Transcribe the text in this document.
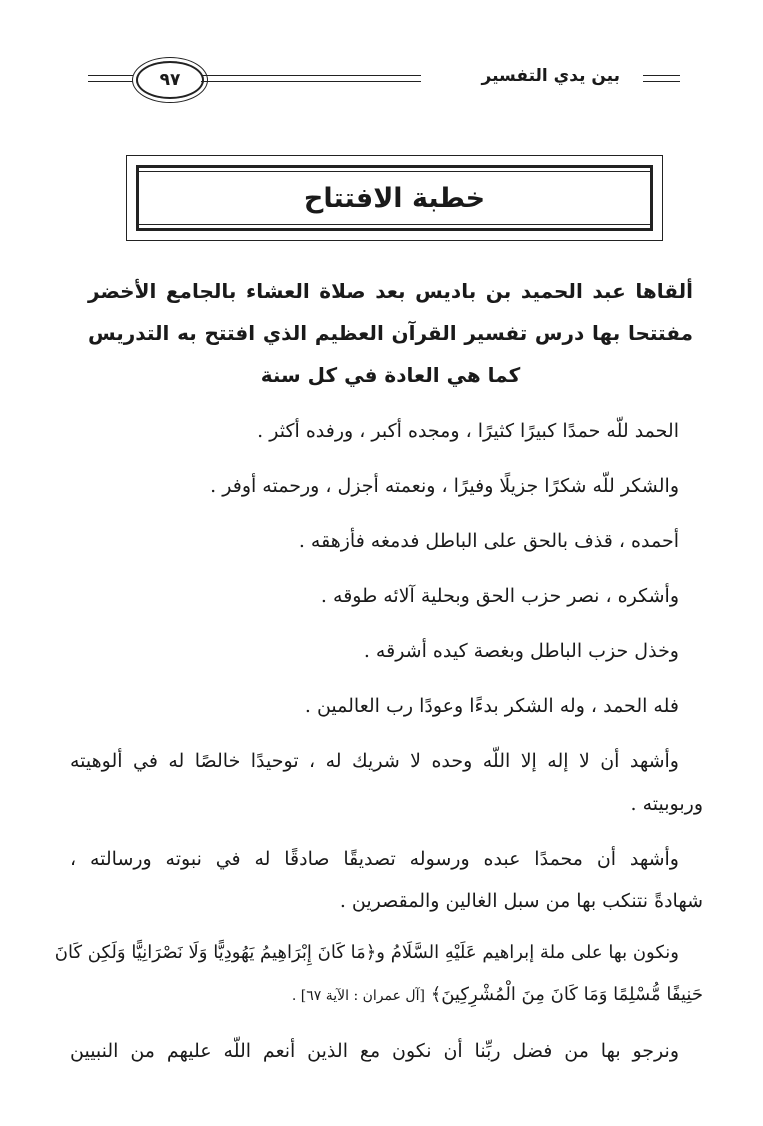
٩٧	بين يدي التفسير
خطبة الافتتاح
ألقاها عبد الحميد بن باديس بعد صلاة العشاء بالجامع الأخضر
مفتتحا بها درس تفسير القرآن العظيم الذي افتتح به التدريس
كما هي العادة في كل سنة
الحمد للّه حمدًا كبيرًا كثيرًا ، ومجده أكبر ، ورفده أكثر .
والشكر للّه شكرًا جزيلًا وفيرًا ، ونعمته أجزل ، ورحمته أوفر .
أحمده ، قذف بالحق على الباطل فدمغه فأزهقه .
وأشكره ، نصر حزب الحق وبحلية آلائه طوقه .
وخذل حزب الباطل وبغصة كيده أشرقه .
فله الحمد ، وله الشكر بدءًا وعودًا رب العالمين .
وأشهد أن لا إله إلا اللّه وحده لا شريك له ، توحيدًا خالصًا له في ألوهيته
وربوبيته .
وأشهد أن محمدًا عبده ورسوله تصديقًا صادقًا له في نبوته ورسالته ،
شهادةً نتنكب بها من سبل الغالين والمقصرين .
ونكون بها على ملة إبراهيم عَلَيْهِ السَّلَامُ و﴿مَا كَانَ إِبْرَاهِيمُ يَهُودِيًّا وَلَا نَصْرَانِيًّا وَلَكِن كَانَ
حَنِيفًا مُّسْلِمًا وَمَا كَانَ مِنَ الْمُشْرِكِينَ﴾ [آل عمران : الآية ٦٧] .
ونرجو بها من فضل ربِّنا أن نكون مع الذين أنعم اللّه عليهم من النبيين
